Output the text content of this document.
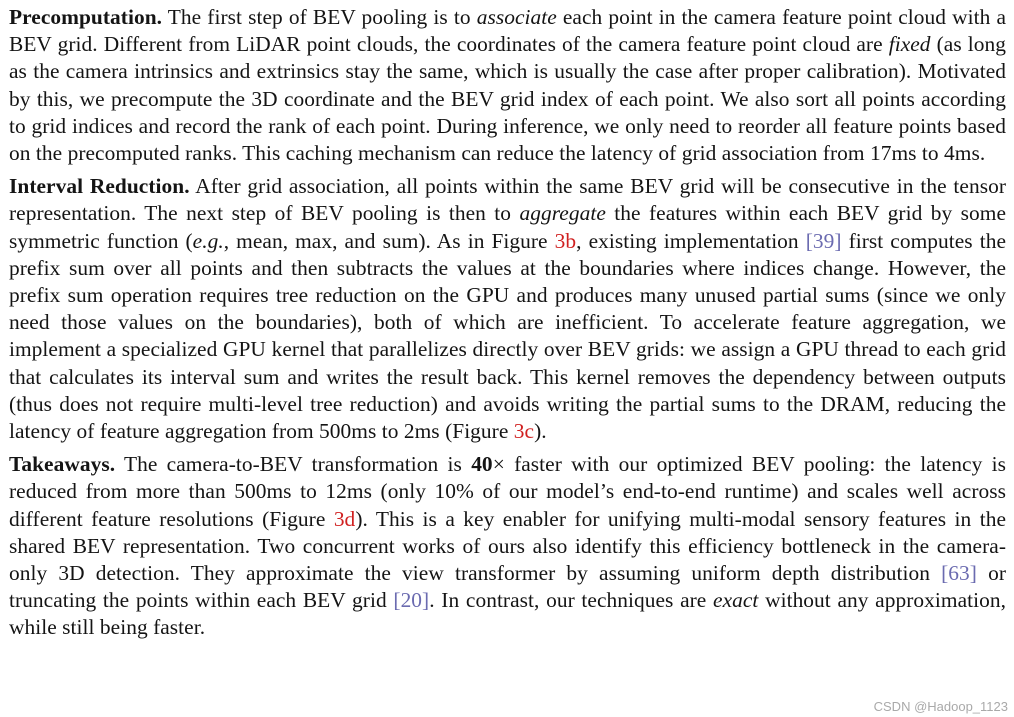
Precomputation. The first step of BEV pooling is to associate each point in the camera feature point cloud with a BEV grid. Different from LiDAR point clouds, the coordinates of the camera feature point cloud are fixed (as long as the camera intrinsics and extrinsics stay the same, which is usually the case after proper calibration). Motivated by this, we precompute the 3D coordinate and the BEV grid index of each point. We also sort all points according to grid indices and record the rank of each point. During inference, we only need to reorder all feature points based on the precomputed ranks. This caching mechanism can reduce the latency of grid association from 17ms to 4ms.

Interval Reduction. After grid association, all points within the same BEV grid will be consecutive in the tensor representation. The next step of BEV pooling is then to aggregate the features within each BEV grid by some symmetric function (e.g., mean, max, and sum). As in Figure 3b, existing implementation [39] first computes the prefix sum over all points and then subtracts the values at the boundaries where indices change. However, the prefix sum operation requires tree reduction on the GPU and produces many unused partial sums (since we only need those values on the boundaries), both of which are inefficient. To accelerate feature aggregation, we implement a specialized GPU kernel that parallelizes directly over BEV grids: we assign a GPU thread to each grid that calculates its interval sum and writes the result back. This kernel removes the dependency between outputs (thus does not require multi-level tree reduction) and avoids writing the partial sums to the DRAM, reducing the latency of feature aggregation from 500ms to 2ms (Figure 3c).

Takeaways. The camera-to-BEV transformation is 40× faster with our optimized BEV pooling: the latency is reduced from more than 500ms to 12ms (only 10% of our model’s end-to-end runtime) and scales well across different feature resolutions (Figure 3d). This is a key enabler for unifying multi-modal sensory features in the shared BEV representation. Two concurrent works of ours also identify this efficiency bottleneck in the camera-only 3D detection. They approximate the view transformer by assuming uniform depth distribution [63] or truncating the points within each BEV grid [20]. In contrast, our techniques are exact without any approximation, while still being faster.

CSDN @Hadoop_1123
